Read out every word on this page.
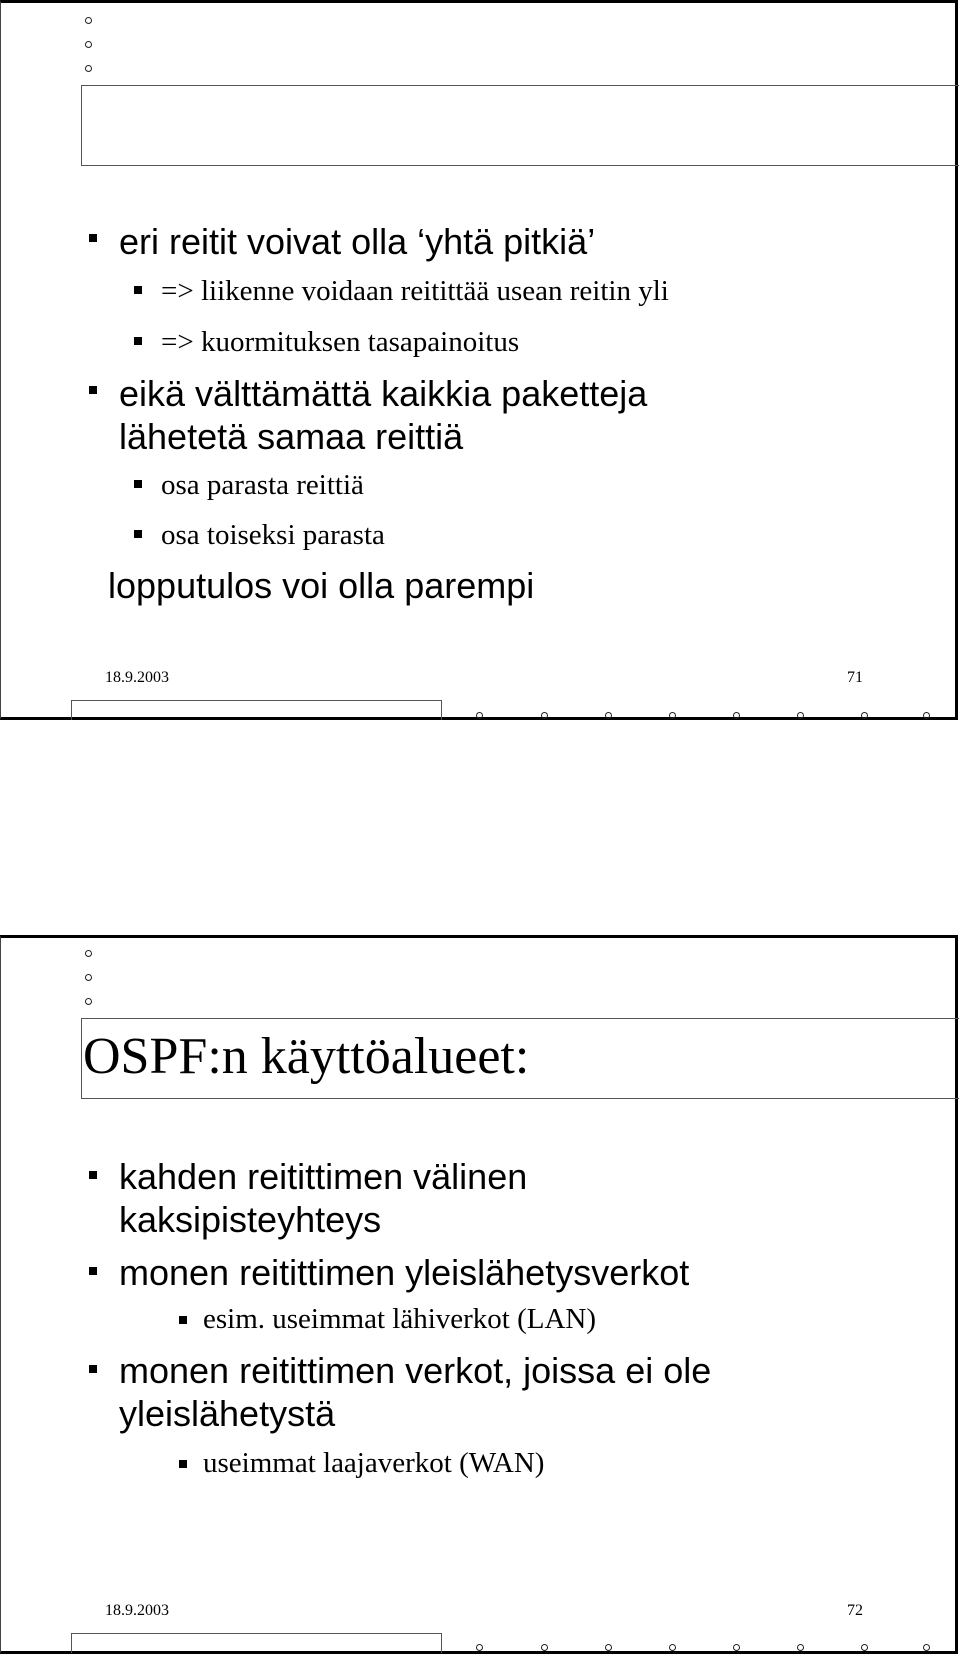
eri reitit voivat olla ‘yhtä pitkiä’
=> liikenne voidaan reitittää usean reitin yli
=> kuormituksen tasapainoitus
eikä välttämättä kaikkia paketteja
lähetetä samaa reittiä
osa parasta reittiä
osa toiseksi parasta
lopputulos voi olla parempi
18.9.2003	71
OSPF:n käyttöalueet:
kahden reitittimen välinen
kaksipisteyhteys
monen reitittimen yleislähetysverkot
esim. useimmat lähiverkot (LAN)
monen reitittimen verkot, joissa ei ole
yleislähetystä
useimmat laajaverkot (WAN)
18.9.2003	72
